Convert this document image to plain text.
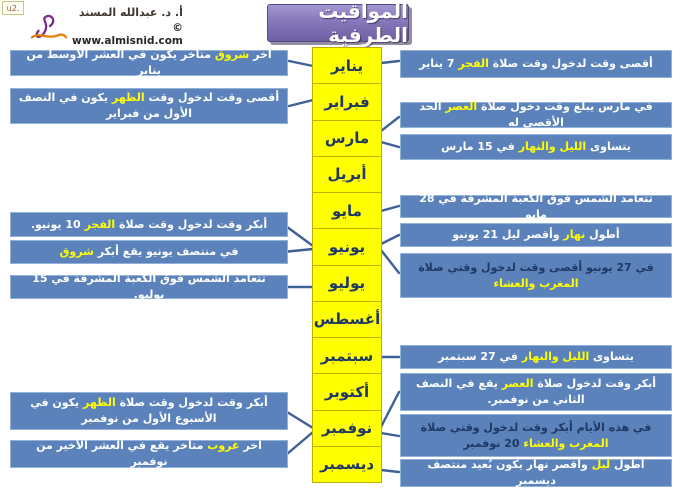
u2.	أ. د. عبدالله المسند
© www.almisnid.com
المواقيت الطرفية
يناير
فبراير
مارس
أبريل
مايو
يونيو
يوليو
أغسطس
سبتمبر
أكتوبر
نوفمبر
ديسمبر
آخر شروق متأخر يكون في العشر الأوسط من يناير
أقصى وقت لدخول وقت الظهر يكون في النصف الأول من فبراير
أبكر وقت لدخول وقت صلاة الفجر 10 يونيو.
في منتصف يونيو يقع أبكر شروق
تتعامد الشمس فوق الكعبة المشرفة في 15 يوليو.
أبكر وقت لدخول وقت صلاة الظهر يكون في الأسبوع الأول من نوفمبر
آخر غروب متأخر يقع في العشر الأخير من نوفمبر
أقصى وقت لدخول وقت صلاة الفجر 7 يناير
في مارس يبلغ وقت دخول صلاة العصر الحد الأقصى له
يتساوى الليل والنهار في 15 مارس
تتعامد الشمس فوق الكعبة المشرفة في 28 مايو
أطول نهار وأقصر ليل 21 يونيو
في 27 يونيو أقصى وقت لدخول وقتي صلاة المغرب والعشاء
يتساوى الليل والنهار في 27 سبتمبر
أبكر وقت لدخول صلاة العصر يقع في النصف الثاني من نوفمبر.
في هذه الأيام أبكر وقت لدخول وقتي صلاة المغرب والعشاء 20 نوفمبر
أطول ليل وأقصر نهار يكون بُعيد منتصف ديسمبر
